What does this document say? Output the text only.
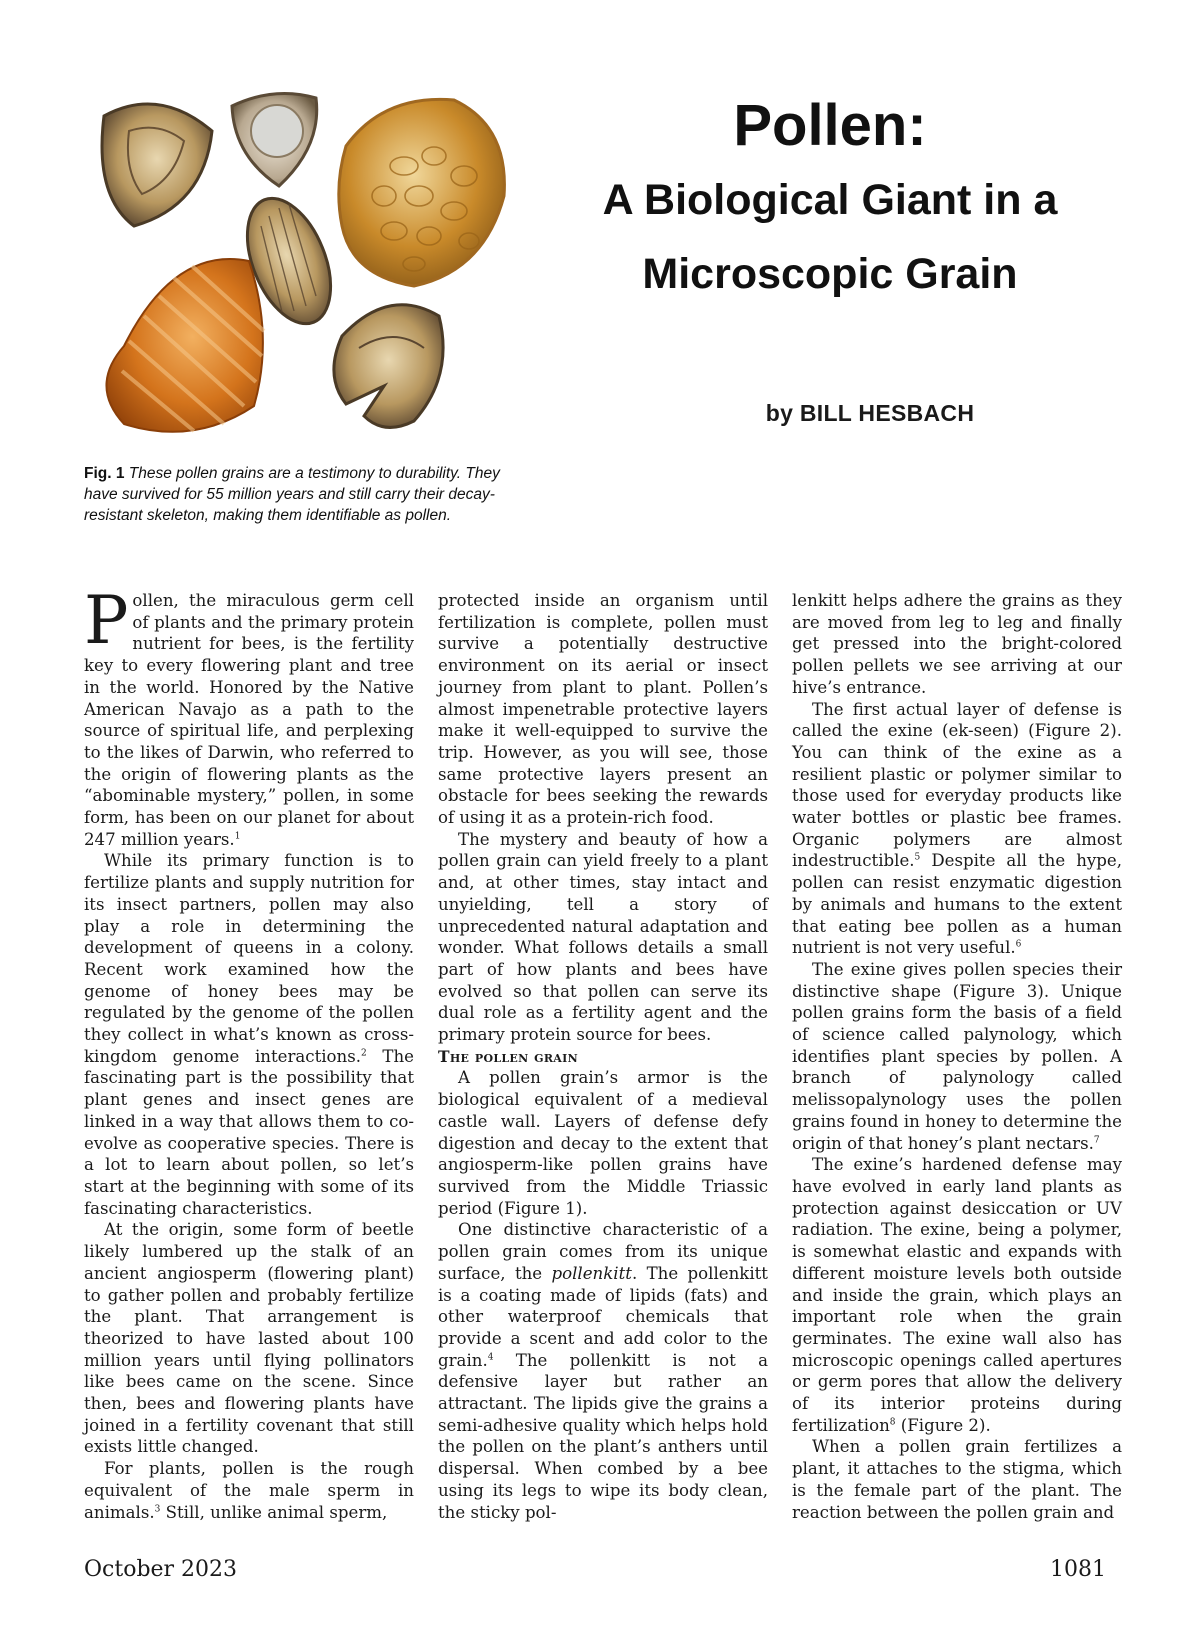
Fig. 1 These pollen grains are a testimony to durability. They have survived for 55 million years and still carry their decay-resistant skeleton, making them identifiable as pollen.
Pollen:
A Biological Giant in a
Microscopic Grain
by BILL HESBACH

Pollen, the miraculous germ cell of plants and the primary protein nutrient for bees, is the fertility key to every flowering plant and tree in the world. Honored by the Native American Navajo as a path to the source of spiritual life, and perplexing to the likes of Darwin, who referred to the origin of flowering plants as the “abominable mystery,” pollen, in some form, has been on our planet for about 247 million years.$^1$

While its primary function is to fertilize plants and supply nutrition for its insect partners, pollen may also play a role in determining the development of queens in a colony. Recent work examined how the genome of honey bees may be regulated by the genome of the pollen they collect in what’s known as cross-kingdom genome interactions.$^2$ The fascinating part is the possibility that plant genes and insect genes are linked in a way that allows them to co-evolve as cooperative species. There is a lot to learn about pollen, so let’s start at the beginning with some of its fascinating characteristics.

At the origin, some form of beetle likely lumbered up the stalk of an ancient angiosperm (flowering plant) to gather pollen and probably fertilize the plant. That arrangement is theorized to have lasted about 100 million years until flying pollinators like bees came on the scene. Since then, bees and flowering plants have joined in a fertility covenant that still exists little changed.

For plants, pollen is the rough equivalent of the male sperm in animals.$^3$ Still, unlike animal sperm,

protected inside an organism until fertilization is complete, pollen must survive a potentially destructive environment on its aerial or insect journey from plant to plant. Pollen’s almost impenetrable protective layers make it well-equipped to survive the trip. However, as you will see, those same protective layers present an obstacle for bees seeking the rewards of using it as a protein-rich food.

The mystery and beauty of how a pollen grain can yield freely to a plant and, at other times, stay intact and unyielding, tell a story of unprecedented natural adaptation and wonder. What follows details a small part of how plants and bees have evolved so that pollen can serve its dual role as a fertility agent and the primary protein source for bees.

The pollen grain

A pollen grain’s armor is the biological equivalent of a medieval castle wall. Layers of defense defy digestion and decay to the extent that angiosperm-like pollen grains have survived from the Middle Triassic period (Figure 1).

One distinctive characteristic of a pollen grain comes from its unique surface, the pollenkitt. The pollenkitt is a coating made of lipids (fats) and other waterproof chemicals that provide a scent and add color to the grain.$^4$ The pollenkitt is not a defensive layer but rather an attractant. The lipids give the grains a semi-adhesive quality which helps hold the pollen on the plant’s anthers until dispersal. When combed by a bee using its legs to wipe its body clean, the sticky pol-

lenkitt helps adhere the grains as they are moved from leg to leg and finally get pressed into the bright-colored pollen pellets we see arriving at our hive’s entrance.

The first actual layer of defense is called the exine (ek-seen) (Figure 2). You can think of the exine as a resilient plastic or polymer similar to those used for everyday products like water bottles or plastic bee frames. Organic polymers are almost indestructible.$^5$ Despite all the hype, pollen can resist enzymatic digestion by animals and humans to the extent that eating bee pollen as a human nutrient is not very useful.$^6$

The exine gives pollen species their distinctive shape (Figure 3). Unique pollen grains form the basis of a field of science called palynology, which identifies plant species by pollen. A branch of palynology called melissopalynology uses the pollen grains found in honey to determine the origin of that honey’s plant nectars.$^7$

The exine’s hardened defense may have evolved in early land plants as protection against desiccation or UV radiation. The exine, being a polymer, is somewhat elastic and expands with different moisture levels both outside and inside the grain, which plays an important role when the grain germinates. The exine wall also has microscopic openings called apertures or germ pores that allow the delivery of its interior proteins during fertilization$^8$ (Figure 2).

When a pollen grain fertilizes a plant, it attaches to the stigma, which is the female part of the plant. The reaction between the pollen grain and

October 2023	1081
